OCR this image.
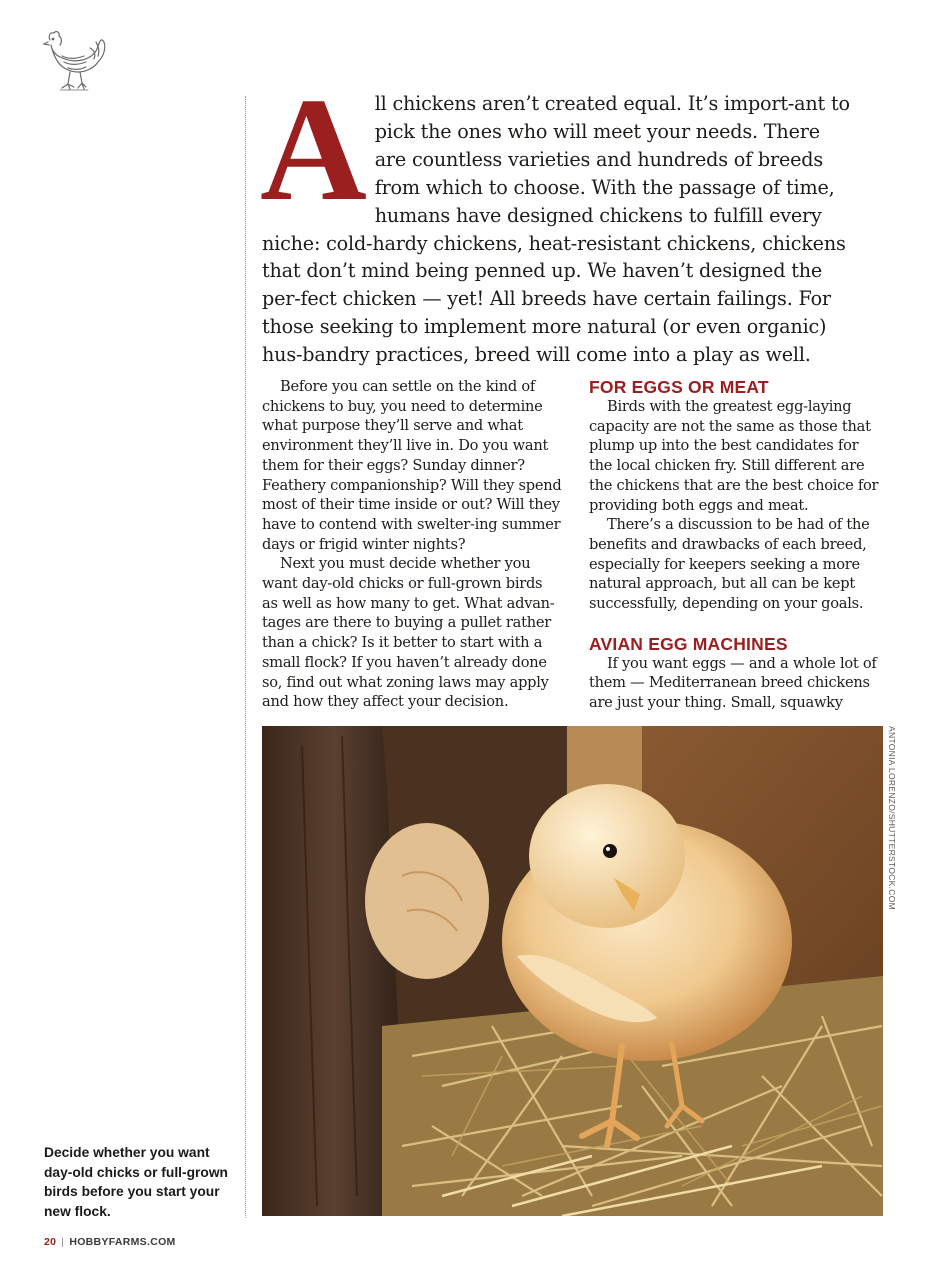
All chickens aren’t created equal. It’s import-ant to pick the ones who will meet your needs. There are countless varieties and hundreds of breeds from which to choose. With the passage of time, humans have designed chickens to fulfill every niche: cold-hardy chickens, heat-resistant chickens, chickens that don’t mind being penned up. We haven’t designed the per-fect chicken — yet! All breeds have certain failings. For those seeking to implement more natural (or even organic) hus-bandry practices, breed will come into a play as well.

Before you can settle on the kind of chickens to buy, you need to determine what purpose they’ll serve and what environment they’ll live in. Do you want them for their eggs? Sunday dinner? Feathery companionship? Will they spend most of their time inside or out? Will they have to contend with swelter-ing summer days or frigid winter nights?

Next you must decide whether you want day-old chicks or full-grown birds as well as how many to get. What advan-tages are there to buying a pullet rather than a chick? Is it better to start with a small flock? If you haven’t already done so, find out what zoning laws may apply and how they affect your decision.

FOR EGGS OR MEAT

Birds with the greatest egg-laying capacity are not the same as those that plump up into the best candidates for the local chicken fry. Still different are the chickens that are the best choice for providing both eggs and meat.

There’s a discussion to be had of the benefits and drawbacks of each breed, especially for keepers seeking a more natural approach, but all can be kept successfully, depending on your goals.

AVIAN EGG MACHINES

If you want eggs — and a whole lot of them — Mediterranean breed chickens are just your thing. Small, squawky

ANTONIA LORENZO/SHUTTERSTOCK.COM

Decide whether you want day-old chicks or full-grown birds before you start your new flock.

20 | HOBBYFARMS.COM
